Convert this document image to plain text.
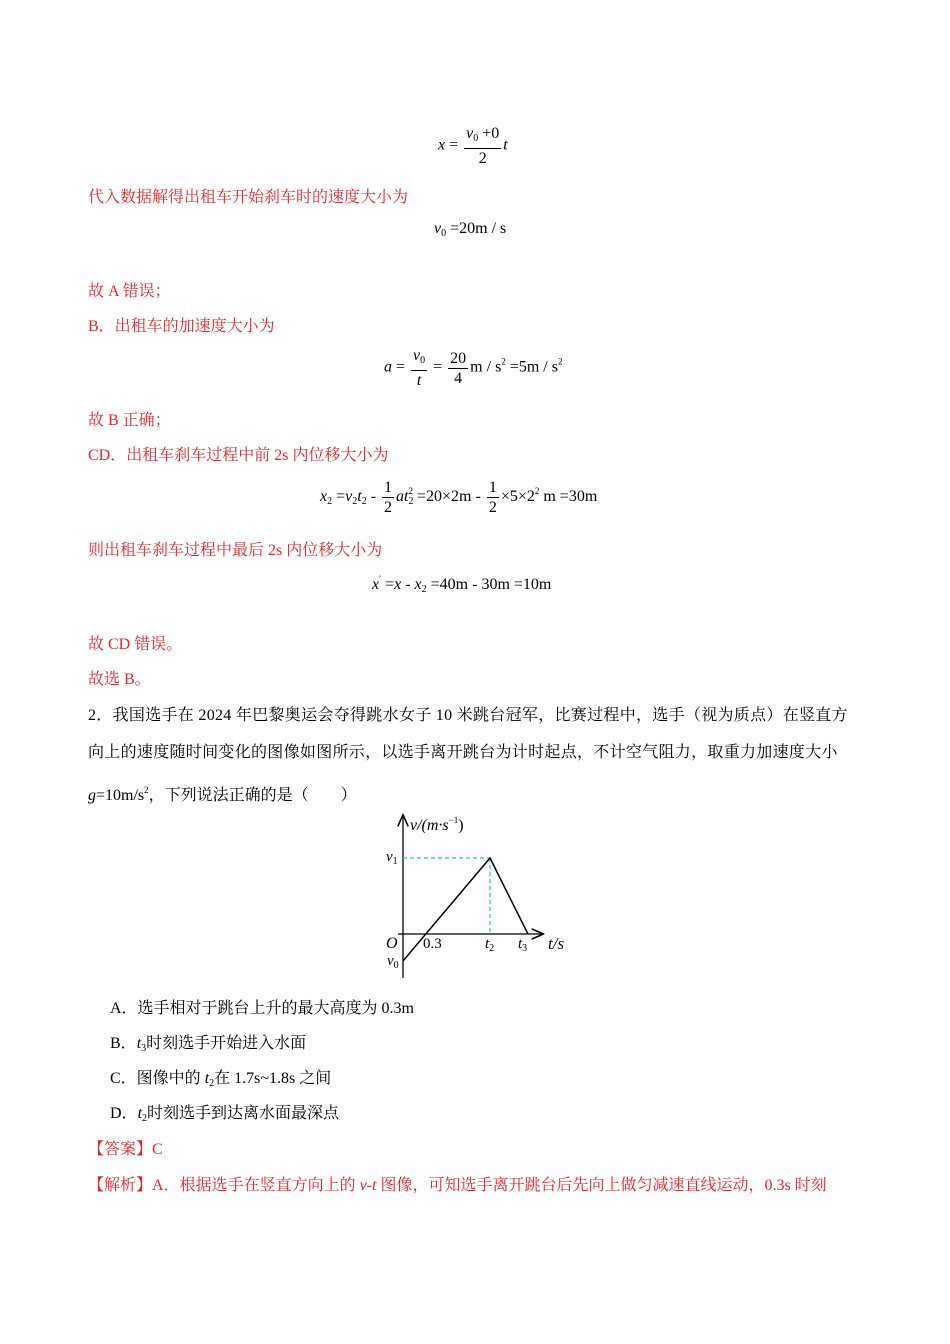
$x = \frac{v_0 +0}{2}$ t
代入数据解得出租车开始刹车时的速度大小为
$v_0 =20m / s$
故 A 错误；
B．出租车的加速度大小为
$a = \frac{v_0}{t} = \frac{20}{4}$ $m / s^2 =5m / s^2$
故 B 正确；
CD．出租车刹车过程中前 2s 内位移大小为
$x_2 =v_2t_2 - \frac{1}{2} at_2^2 =20\times 2m - \frac{1}{2} \times 5\times 2^2$ m =30m
则出租车刹车过程中最后 2s 内位移大小为
$x' =x - x_2 =40m - 30m =10m$
故 CD 错误。
故选 B。
2．我国选手在 2024 年巴黎奥运会夺得跳水女子 10 米跳台冠军，比赛过程中，选手（视为质点）在竖直方
向上的速度随时间变化的图像如图所示，以选手离开跳台为计时起点，不计空气阻力，取重力加速度大小
$g=10m/s^2$，下列说法正确的是（　　）
$v/(m\cdot s^{-1})$
$v_1$
O
$v_0$
0.3	$t_2$ $t_3$ t/s
A．选手相对于跳台上升的最大高度为 0.3m
B．$t_3$时刻选手开始进入水面
C．图像中的 $t_2$在 1.7s~1.8s 之间
D．$t_2$时刻选手到达离水面最深点
【答案】C
【解析】A．根据选手在竖直方向上的 v-t 图像，可知选手离开跳台后先向上做匀减速直线运动，0.3s 时刻
